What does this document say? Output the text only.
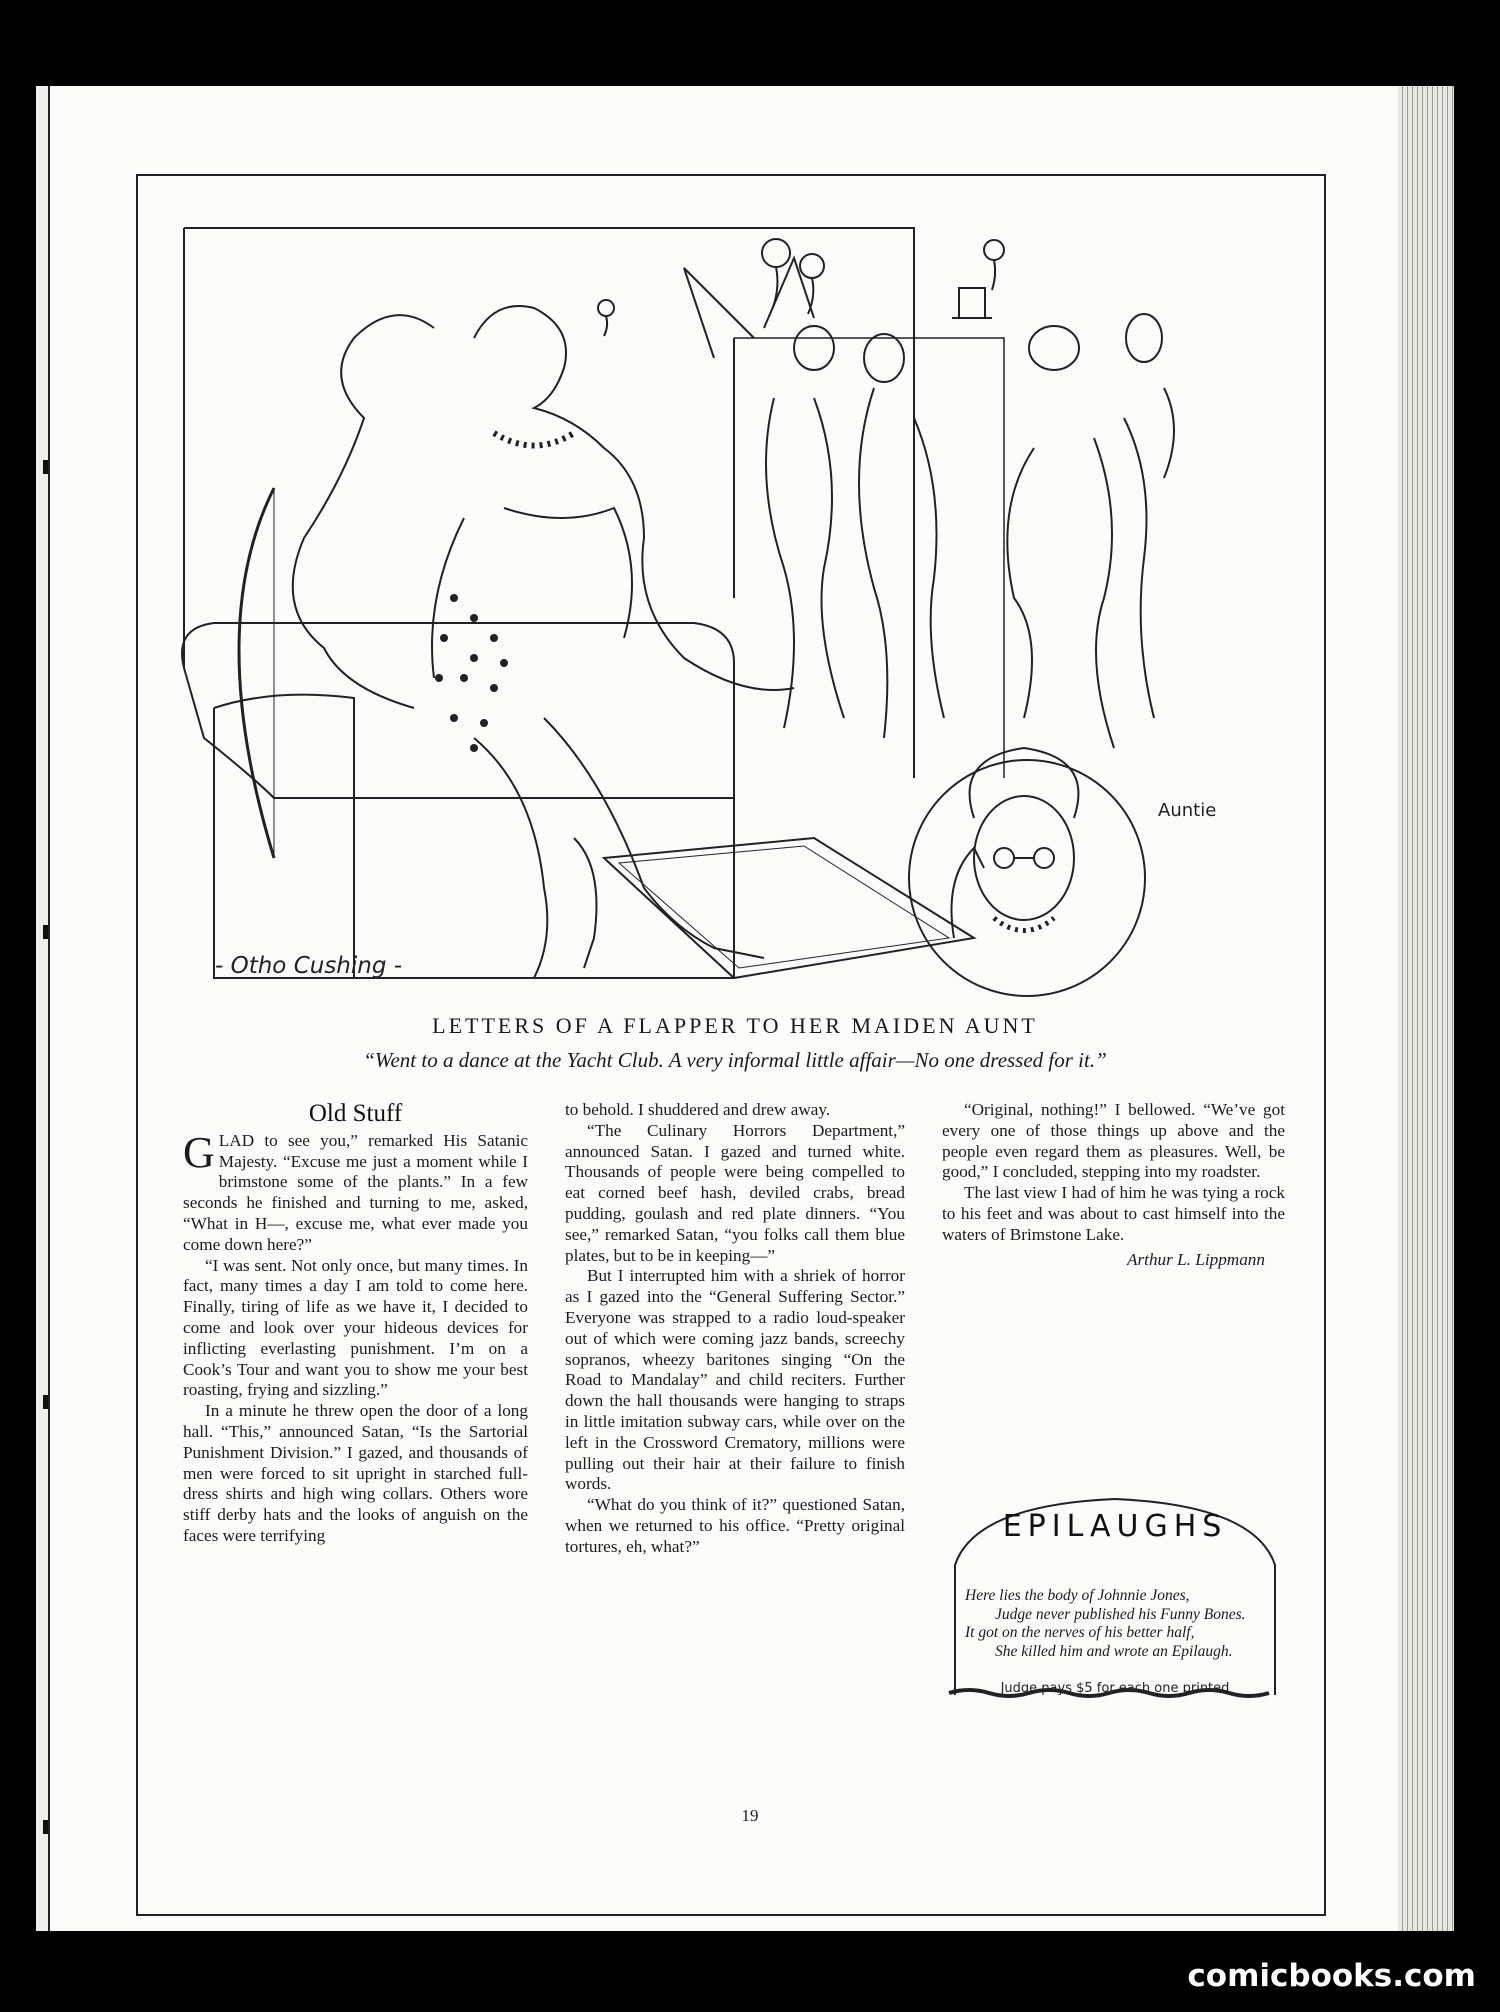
- Otho Cushing -
Auntie
LETTERS OF A FLAPPER TO HER MAIDEN AUNT
“Went to a dance at the Yacht Club. A very informal little affair—No one dressed for it.”
Old Stuff

GLAD to see you,” remarked His Satanic Majesty. “Excuse me just a moment while I brimstone some of the plants.” In a few seconds he finished and turning to me, asked, “What in H—, excuse me, what ever made you come down here?”

“I was sent. Not only once, but many times. In fact, many times a day I am told to come here. Finally, tiring of life as we have it, I decided to come and look over your hideous devices for inflicting everlasting punishment. I’m on a Cook’s Tour and want you to show me your best roasting, frying and sizzling.”

In a minute he threw open the door of a long hall. “This,” announced Satan, “Is the Sartorial Punishment Division.” I gazed, and thousands of men were forced to sit upright in starched full-dress shirts and high wing collars. Others wore stiff derby hats and the looks of anguish on the faces were terrifying

to behold. I shuddered and drew away.

“The Culinary Horrors Department,” announced Satan. I gazed and turned white. Thousands of people were being compelled to eat corned beef hash, deviled crabs, bread pudding, goulash and red plate dinners. “You see,” remarked Satan, “you folks call them blue plates, but to be in keeping—”

But I interrupted him with a shriek of horror as I gazed into the “General Suffering Sector.” Everyone was strapped to a radio loud-speaker out of which were coming jazz bands, screechy sopranos, wheezy baritones singing “On the Road to Mandalay” and child reciters. Further down the hall thousands were hanging to straps in little imitation subway cars, while over on the left in the Crossword Crematory, millions were pulling out their hair at their failure to finish words.

“What do you think of it?” questioned Satan, when we returned to his office. “Pretty original tortures, eh, what?”

“Original, nothing!” I bellowed. “We’ve got every one of those things up above and the people even regard them as pleasures. Well, be good,” I concluded, stepping into my roadster.

The last view I had of him he was tying a rock to his feet and was about to cast himself into the waters of Brimstone Lake.

Arthur L. Lippmann

EPILAUGHS
Here lies the body of Johnnie Jones,
Judge never published his Funny Bones.
It got on the nerves of his better half,
She killed him and wrote an Epilaugh.
Judge pays $5 for each one printed
19
comicbooks.com
